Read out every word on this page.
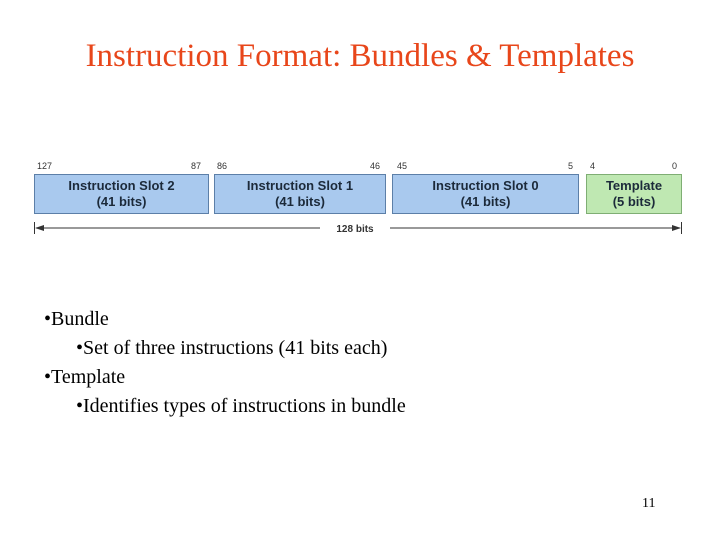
Instruction Format: Bundles & Templates
127	87 86	46 45	5 4	0
Instruction Slot 2
(41 bits)
Instruction Slot 1
(41 bits)
Instruction Slot 0
(41 bits)
Template
(5 bits)
128 bits
•Bundle
•Set of three instructions (41 bits each)
•Template
•Identifies types of instructions in bundle
11
